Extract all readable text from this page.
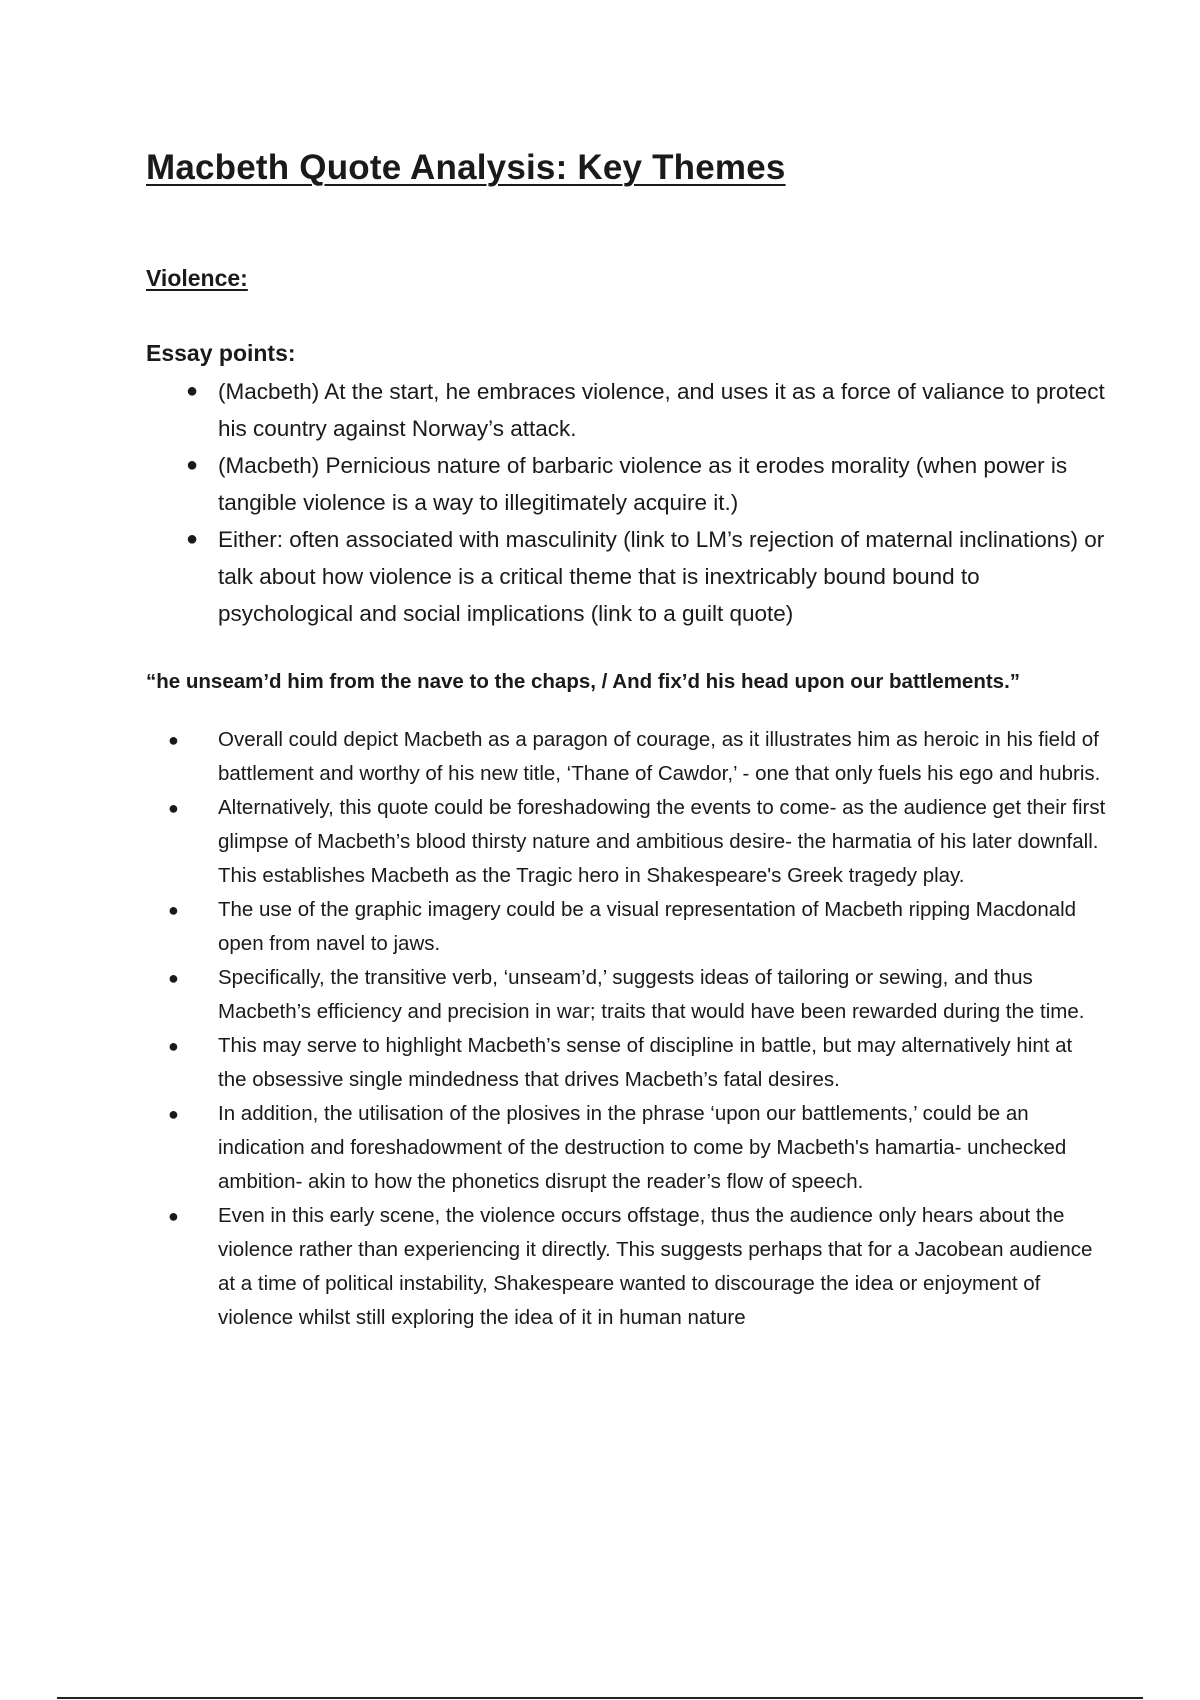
Macbeth Quote Analysis: Key Themes
Violence:

Essay points:

● (Macbeth) At the start, he embraces violence, and uses it as a force of valiance to protect his country against Norway’s attack.
● (Macbeth) Pernicious nature of barbaric violence as it erodes morality (when power is tangible violence is a way to illegitimately acquire it.)
● Either: often associated with masculinity (link to LM’s rejection of maternal inclinations) or talk about how violence is a critical theme that is inextricably bound bound to psychological and social implications (link to a guilt quote)

“he unseam’d him from the nave to the chaps, / And fix’d his head upon our battlements.”

● Overall could depict Macbeth as a paragon of courage, as it illustrates him as heroic in his field of battlement and worthy of his new title, ‘Thane of Cawdor,’ - one that only fuels his ego and hubris.
● Alternatively, this quote could be foreshadowing the events to come- as the audience get their first glimpse of Macbeth’s blood thirsty nature and ambitious desire- the harmatia of his later downfall. This establishes Macbeth as the Tragic hero in Shakespeare's Greek tragedy play.
● The use of the graphic imagery could be a visual representation of Macbeth ripping Macdonald open from navel to jaws.
● Specifically, the transitive verb, ‘unseam’d,’ suggests ideas of tailoring or sewing, and thus Macbeth’s efficiency and precision in war; traits that would have been rewarded during the time.
● This may serve to highlight Macbeth’s sense of discipline in battle, but may alternatively hint at the obsessive single mindedness that drives Macbeth’s fatal desires.
● In addition, the utilisation of the plosives in the phrase ‘upon our battlements,’ could be an indication and foreshadowment of the destruction to come by Macbeth's hamartia- unchecked ambition- akin to how the phonetics disrupt the reader’s flow of speech.
● Even in this early scene, the violence occurs offstage, thus the audience only hears about the violence rather than experiencing it directly. This suggests perhaps that for a Jacobean audience at a time of political instability, Shakespeare wanted to discourage the idea or enjoyment of violence whilst still exploring the idea of it in human nature
